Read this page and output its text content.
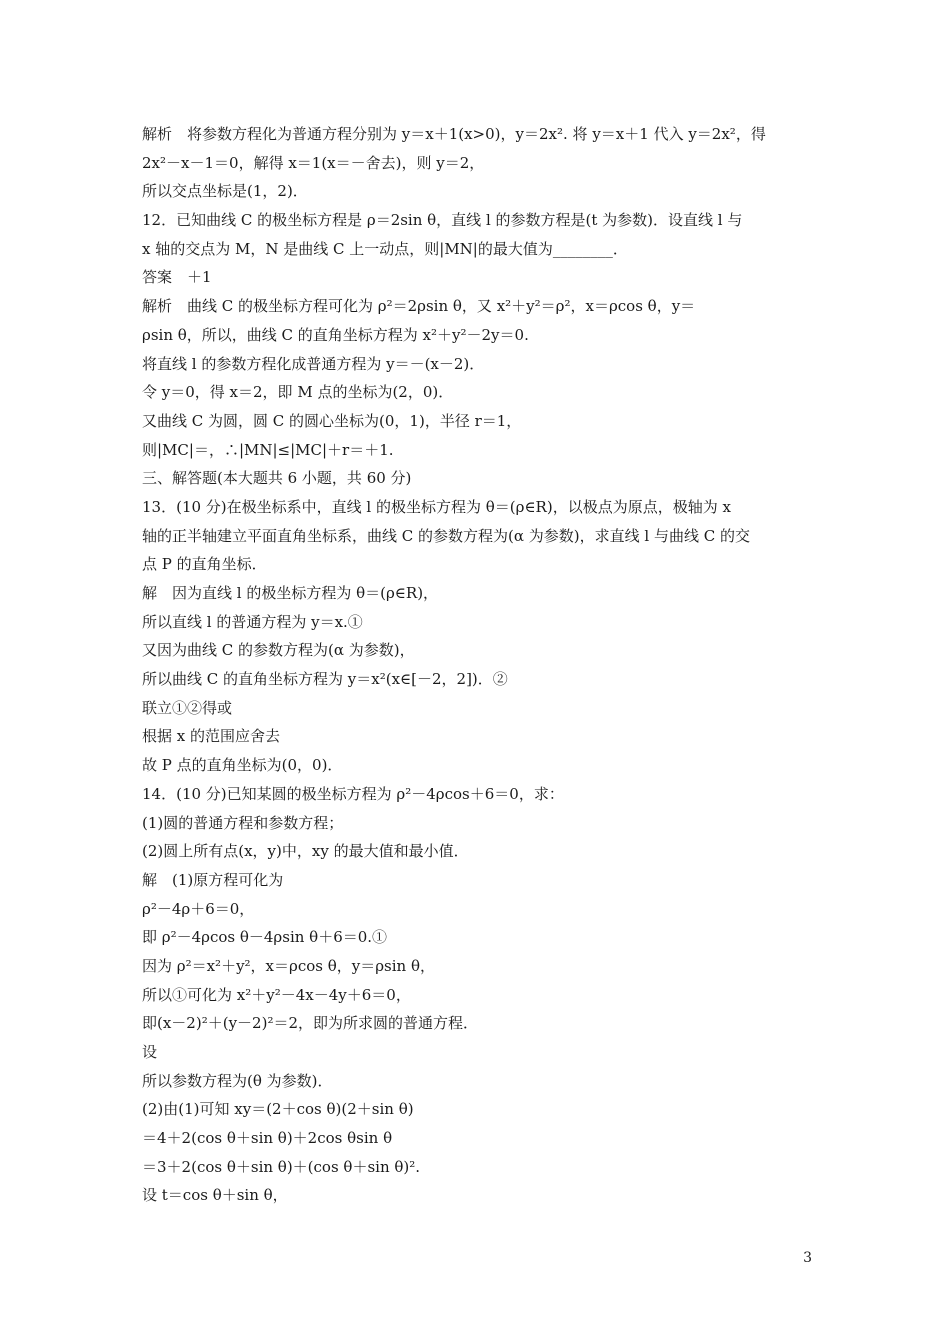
解析　将参数方程化为普通方程分别为 y＝x＋1(x>0)，y＝2x². 将 y＝x＋1 代入 y＝2x²，得
2x²－x－1＝0，解得 x＝1(x＝－舍去)，则 y＝2，
所以交点坐标是(1，2)．
12．已知曲线 C 的极坐标方程是 ρ＝2sin θ，直线 l 的参数方程是(t 为参数)．设直线 l 与
x 轴的交点为 M，N 是曲线 C 上一动点，则|MN|的最大值为________．
答案　＋1
解析　曲线 C 的极坐标方程可化为 ρ²＝2ρsin θ，又 x²＋y²＝ρ²，x＝ρcos θ，y＝
ρsin θ，所以，曲线 C 的直角坐标方程为 x²＋y²－2y＝0.
将直线 l 的参数方程化成普通方程为 y＝－(x－2)．
令 y＝0，得 x＝2，即 M 点的坐标为(2，0)．
又曲线 C 为圆，圆 C 的圆心坐标为(0，1)，半径 r＝1，
则|MC|＝，∴|MN|≤|MC|＋r＝＋1.
三、解答题(本大题共 6 小题，共 60 分)
13．(10 分)在极坐标系中，直线 l 的极坐标方程为 θ＝(ρ∈R)，以极点为原点，极轴为 x
轴的正半轴建立平面直角坐标系，曲线 C 的参数方程为(α 为参数)，求直线 l 与曲线 C 的交
点 P 的直角坐标．
解　因为直线 l 的极坐标方程为 θ＝(ρ∈R)，
所以直线 l 的普通方程为 y＝x.①
又因为曲线 C 的参数方程为(α 为参数)，
所以曲线 C 的直角坐标方程为 y＝x²(x∈[－2，2])．②
联立①②得或
根据 x 的范围应舍去
故 P 点的直角坐标为(0，0)．
14．(10 分)已知某圆的极坐标方程为 ρ²－4ρcos＋6＝0，求：
(1)圆的普通方程和参数方程；
(2)圆上所有点(x，y)中，xy 的最大值和最小值．
解　(1)原方程可化为
ρ²－4ρ＋6＝0，
即 ρ²－4ρcos θ－4ρsin θ＋6＝0.①
因为 ρ²＝x²＋y²，x＝ρcos θ，y＝ρsin θ，
所以①可化为 x²＋y²－4x－4y＋6＝0，
即(x－2)²＋(y－2)²＝2，即为所求圆的普通方程．
设
所以参数方程为(θ 为参数)．
(2)由(1)可知 xy＝(2＋cos θ)(2＋sin θ)
＝4＋2(cos θ＋sin θ)＋2cos θsin θ
＝3＋2(cos θ＋sin θ)＋(cos θ＋sin θ)².
设 t＝cos θ＋sin θ，
3
